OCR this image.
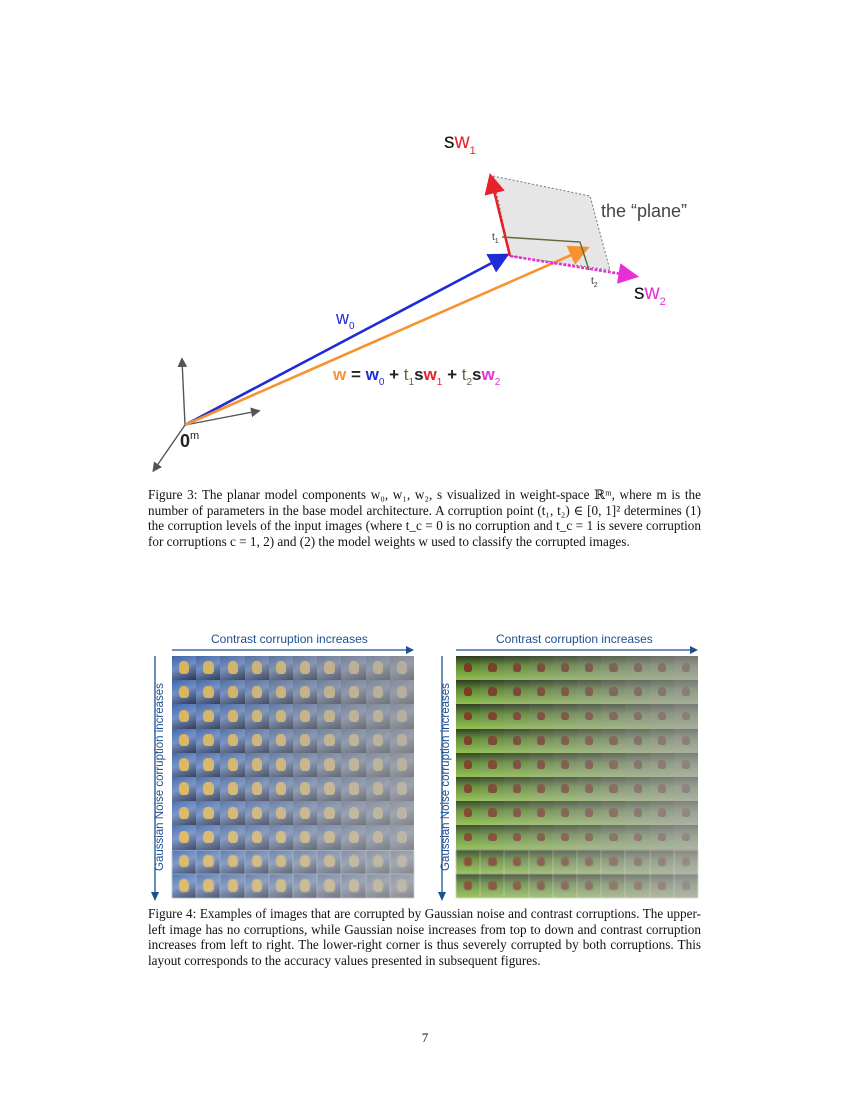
$sw_1$
the “plane”
$t_1$
$t_2$ $sw_2$
$w_0$
0$^m$
$w = w_0 + t_1sw_1 + t_2sw_2$

Figure 3: The planar model components w₀, w₁, w₂, s visualized in weight-space ℝᵐ, where m is the number of parameters in the base model architecture. A corruption point (t₁, t₂) ∈ [0, 1]² determines (1) the corruption levels of the input images (where t_c = 0 is no corruption and t_c = 1 is severe corruption for corruptions c = 1, 2) and (2) the model weights w used to classify the corrupted images.

Contrast corruption increases
Gaussian Noise corruption increases
Contrast corruption increases
Gaussian Noise corruption increases

Figure 4: Examples of images that are corrupted by Gaussian noise and contrast corruptions. The upper-left image has no corruptions, while Gaussian noise increases from top to down and contrast corruption increases from left to right. The lower-right corner is thus severely corrupted by both corruptions. This layout corresponds to the accuracy values presented in subsequent figures.

7
